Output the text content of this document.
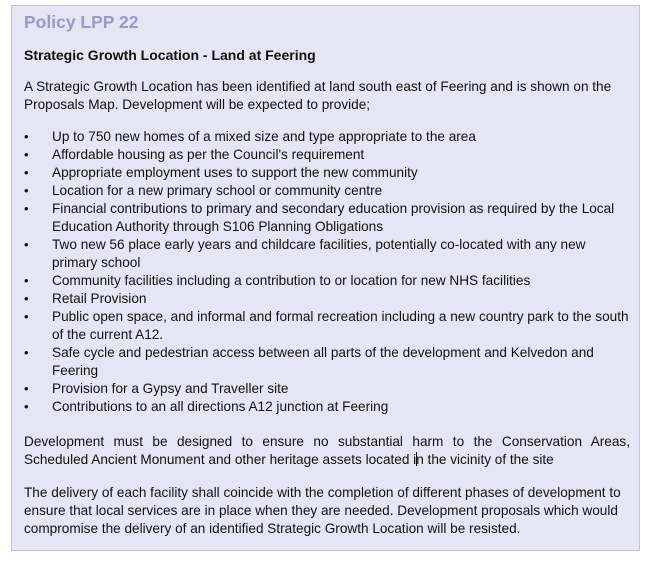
Policy LPP 22
Strategic Growth Location - Land at Feering
A Strategic Growth Location has been identified at land south east of Feering and is shown on the Proposals Map. Development will be expected to provide;
• Up to 750 new homes of a mixed size and type appropriate to the area
• Affordable housing as per the Council's requirement
• Appropriate employment uses to support the new community
• Location for a new primary school or community centre
• Financial contributions to primary and secondary education provision as required by the Local Education Authority through S106 Planning Obligations
• Two new 56 place early years and childcare facilities, potentially co-located with any new primary school
• Community facilities including a contribution to or location for new NHS facilities
• Retail Provision
• Public open space, and informal and formal recreation including a new country park to the south of the current A12.
• Safe cycle and pedestrian access between all parts of the development and Kelvedon and Feering
• Provision for a Gypsy and Traveller site
• Contributions to an all directions A12 junction at Feering
Development must be designed to ensure no substantial harm to the Conservation Areas, Scheduled Ancient Monument and other heritage assets located in the vicinity of the site
The delivery of each facility shall coincide with the completion of different phases of development to ensure that local services are in place when they are needed. Development proposals which would compromise the delivery of an identified Strategic Growth Location will be resisted.
